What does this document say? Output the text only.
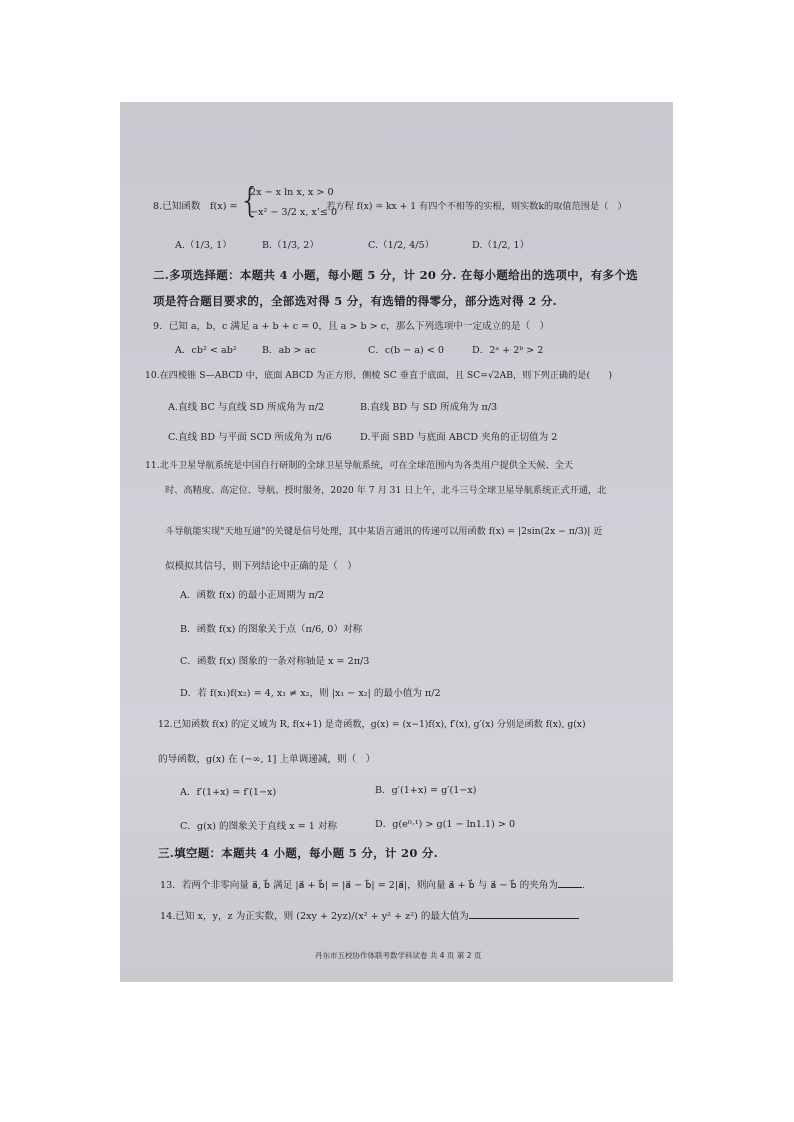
8.已知函数 f(x) = {
2x − x ln x, x > 0
−x² − 3/2 x, x ≤ 0
，若方程 f(x) = kx + 1 有四个不相等的实根，则实数k的取值范围是（　）
A.（1/3, 1）	B.（1/3, 2）	C.（1/2, 4/5）	D.（1/2, 1）
二.多项选择题：本题共 4 小题，每小题 5 分，计 20 分. 在每小题给出的选项中，有多个选
项是符合题目要求的，全部选对得 5 分，有选错的得零分，部分选对得 2 分.
9．已知 a，b，c 满足 a + b + c = 0，且 a > b > c，那么下列选项中一定成立的是（　）
A．cb² < ab²	B．ab > ac	C．c(b − a) < 0	D．2ᵃ + 2ᵇ > 2
10.在四棱锥 S—ABCD 中，底面 ABCD 为正方形，侧棱 SC 垂直于底面，且 SC=√2AB，则下列正确的是(　　)
A.直线 BC 与直线 SD 所成角为 π/2	B.直线 BD 与 SD 所成角为 π/3
C.直线 BD 与平面 SCD 所成角为 π/6	D.平面 SBD 与底面 ABCD 夹角的正切值为 2
11.北斗卫星导航系统是中国自行研制的全球卫星导航系统，可在全球范围内为各类用户提供全天候、全天
时、高精度、高定位、导航、授时服务，2020 年 7 月 31 日上午，北斗三号全球卫星导航系统正式开通，北
斗导航能实现"天地互通"的关键是信号处理，其中某语言通讯的传递可以用函数 f(x) = |2sin(2x − π/3)| 近
似模拟其信号，则下列结论中正确的是（　）
A．函数 f(x) 的最小正周期为 π/2
B．函数 f(x) 的图象关于点（π/6, 0）对称
C．函数 f(x) 图象的一条对称轴是 x = 2π/3
D．若 f(x₁)f(x₂) = 4, x₁ ≠ x₂，则 |x₁ − x₂| 的最小值为 π/2
12.已知函数 f(x) 的定义域为 R, f(x+1) 是奇函数，g(x) = (x−1)f(x), f′(x), g′(x) 分别是函数 f(x), g(x)
的导函数，g(x) 在 (−∞, 1] 上单调递减，则（　）
A．f′(1+x) = f′(1−x)	B．g′(1+x) = g′(1−x)
C．g(x) 的图象关于直线 x = 1 对称	D．g(e⁰·¹) > g(1 − ln1.1) > 0
三.填空题：本题共 4 小题，每小题 5 分，计 20 分.
13．若两个非零向量 a⃗, b⃗ 满足 |a⃗ + b⃗| = |a⃗ − b⃗| = 2|a⃗|，则向量 a⃗ + b⃗ 与 a⃗ − b⃗ 的夹角为	.
14.已知 x，y，z 为正实数，则 (2xy + 2yz)/(x² + y² + z²) 的最大值为
丹东市五校协作体联考数学科试卷 共 4 页 第 2 页
